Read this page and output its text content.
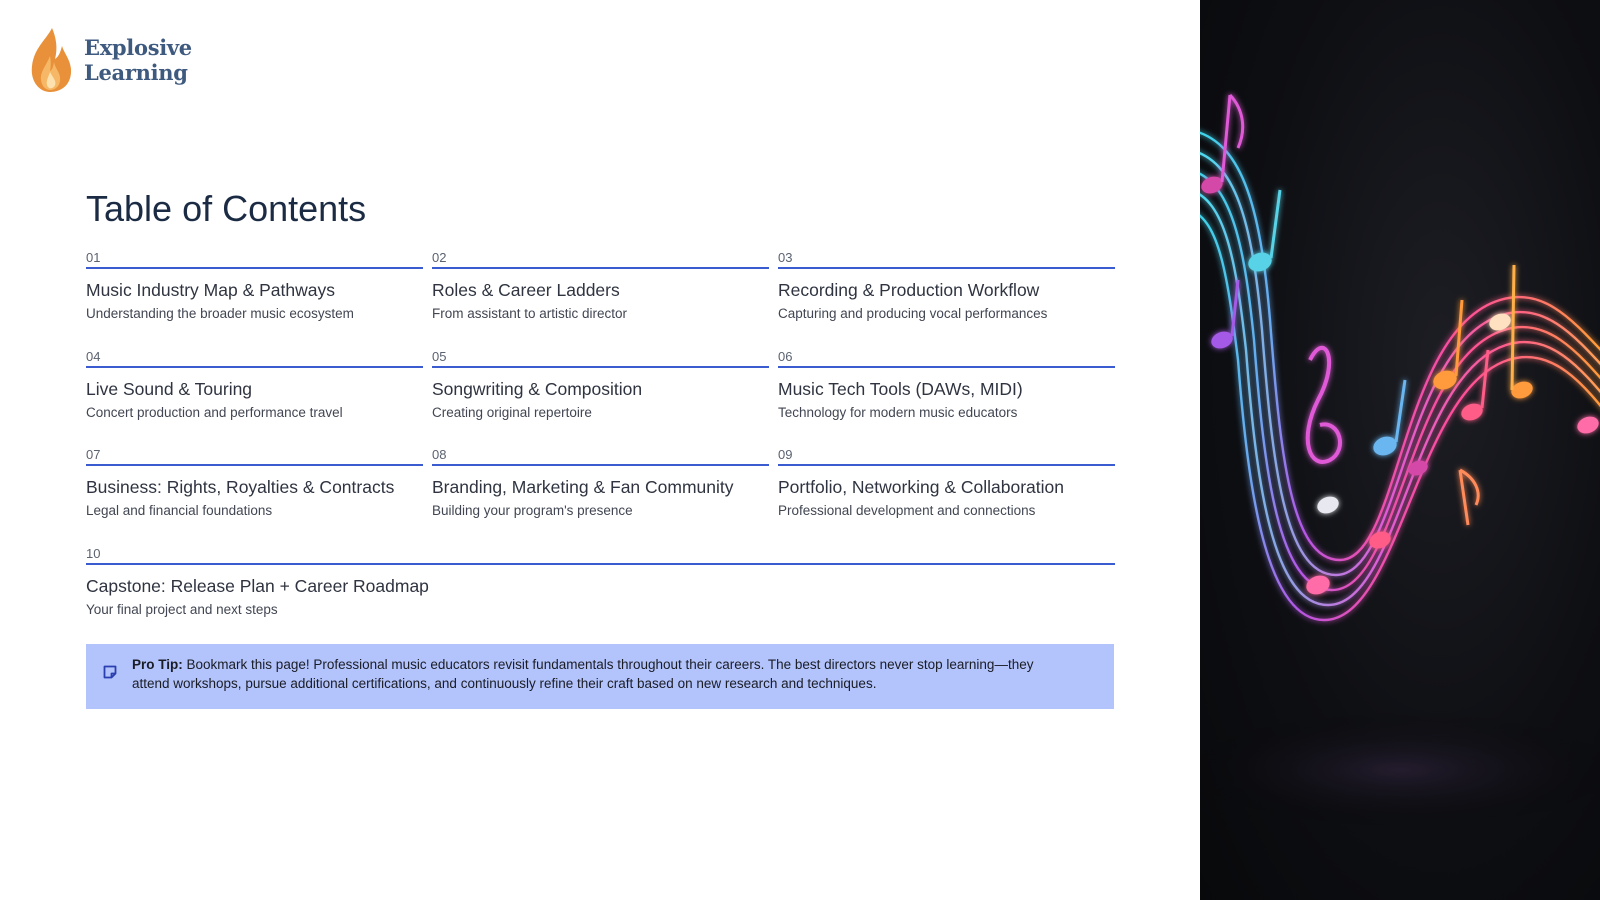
Explosive
Learning
Table of Contents
01
Music Industry Map & Pathways
Understanding the broader music ecosystem
02
Roles & Career Ladders
From assistant to artistic director
03
Recording & Production Workflow
Capturing and producing vocal performances
04
Live Sound & Touring
Concert production and performance travel
05
Songwriting & Composition
Creating original repertoire
06
Music Tech Tools (DAWs, MIDI)
Technology for modern music educators
07
Business: Rights, Royalties & Contracts
Legal and financial foundations
08
Branding, Marketing & Fan Community
Building your program's presence
09
Portfolio, Networking & Collaboration
Professional development and connections
10
Capstone: Release Plan + Career Roadmap
Your final project and next steps
Pro Tip: Bookmark this page! Professional music educators revisit fundamentals throughout their careers. The best directors never stop learning—they attend workshops, pursue additional certifications, and continuously refine their craft based on new research and techniques.
